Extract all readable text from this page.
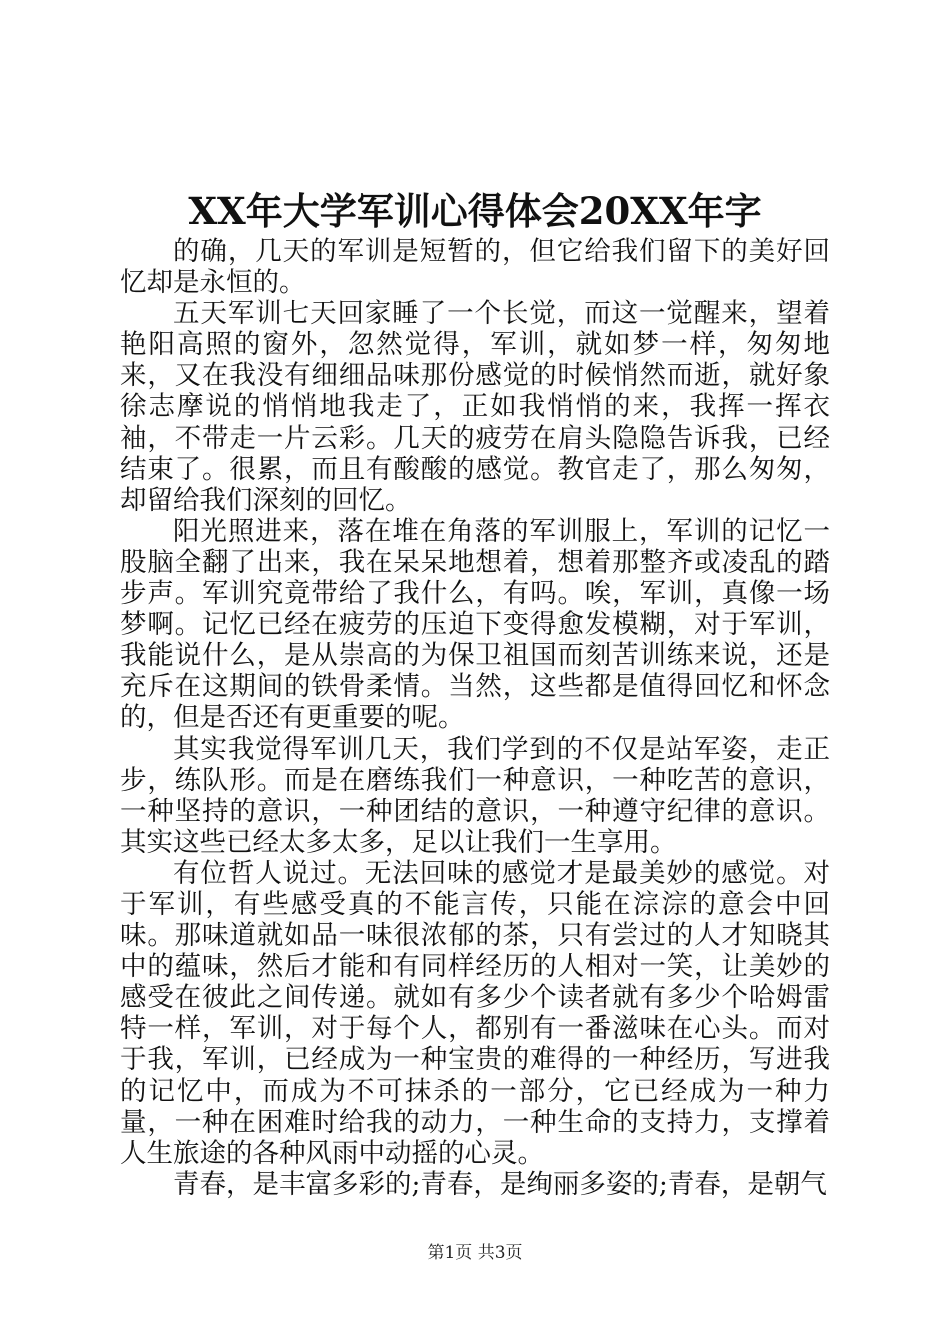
XX年大学军训心得体会20XX年字

的确，几天的军训是短暂的，但它给我们留下的美好回忆却是永恒的。

五天军训七天回家睡了一个长觉，而这一觉醒来，望着艳阳高照的窗外，忽然觉得，军训，就如梦一样，匆匆地来，又在我没有细细品味那份感觉的时候悄然而逝，就好象徐志摩说的悄悄地我走了，正如我悄悄的来，我挥一挥衣袖，不带走一片云彩。几天的疲劳在肩头隐隐告诉我，已经结束了。很累，而且有酸酸的感觉。教官走了，那么匆匆，却留给我们深刻的回忆。

阳光照进来，落在堆在角落的军训服上，军训的记忆一股脑全翻了出来，我在呆呆地想着，想着那整齐或凌乱的踏步声。军训究竟带给了我什么，有吗。唉，军训，真像一场梦啊。记忆已经在疲劳的压迫下变得愈发模糊，对于军训，我能说什么，是从崇高的为保卫祖国而刻苦训练来说，还是充斥在这期间的铁骨柔情。当然，这些都是值得回忆和怀念的，但是否还有更重要的呢。

其实我觉得军训几天，我们学到的不仅是站军姿，走正步，练队形。而是在磨练我们一种意识，一种吃苦的意识，一种坚持的意识，一种团结的意识，一种遵守纪律的意识。其实这些已经太多太多，足以让我们一生享用。

有位哲人说过。无法回味的感觉才是最美妙的感觉。对于军训，有些感受真的不能言传，只能在淙淙的意会中回味。那味道就如品一味很浓郁的茶，只有尝过的人才知晓其中的蕴味，然后才能和有同样经历的人相对一笑，让美妙的感受在彼此之间传递。就如有多少个读者就有多少个哈姆雷特一样，军训，对于每个人，都别有一番滋味在心头。而对于我，军训，已经成为一种宝贵的难得的一种经历，写进我的记忆中，而成为不可抹杀的一部分，它已经成为一种力量，一种在困难时给我的动力，一种生命的支持力，支撑着人生旅途的各种风雨中动摇的心灵。

青春，是丰富多彩的;青春，是绚丽多姿的;青春，是朝气

第1页 共3页
